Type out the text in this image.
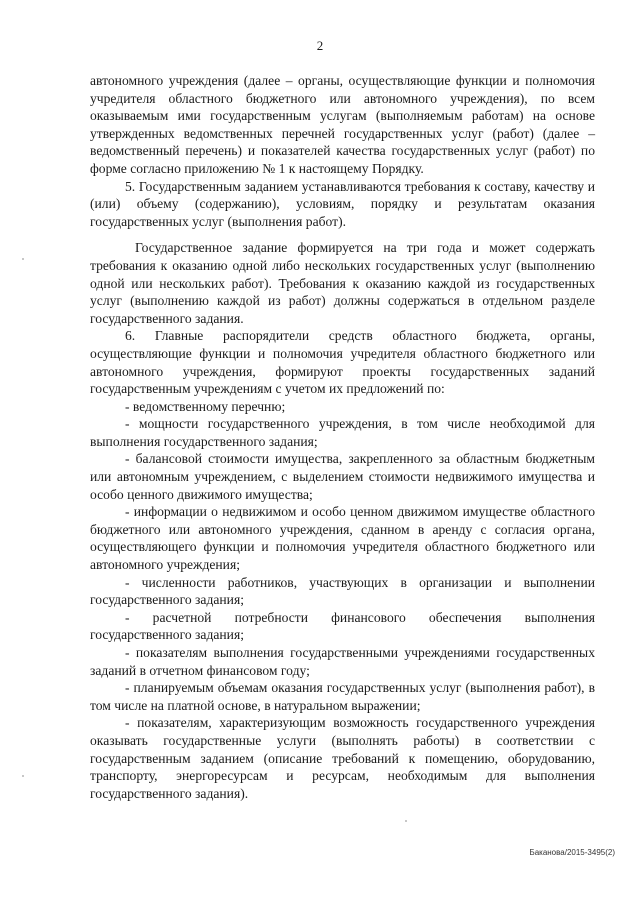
2

автономного учреждения (далее – органы, осуществляющие функции и полномочия учредителя областного бюджетного или автономного учреждения), по всем оказываемым ими государственным услугам (выполняемым работам) на основе утвержденных ведомственных перечней государственных услуг (работ) (далее – ведомственный перечень) и показателей качества государственных услуг (работ) по форме согласно приложению № 1 к настоящему Порядку.

5. Государственным заданием устанавливаются требования к составу, качеству и (или) объему (содержанию), условиям, порядку и результатам оказания государственных услуг (выполнения работ).

Государственное задание формируется на три года и может содержать требования к оказанию одной либо нескольких государственных услуг (выполнению одной или нескольких работ). Требования к оказанию каждой из государственных услуг (выполнению каждой из работ) должны содержаться в отдельном разделе государственного задания.

6. Главные распорядители средств областного бюджета, органы, осуществляющие функции и полномочия учредителя областного бюджетного или автономного учреждения, формируют проекты государственных заданий государственным учреждениям с учетом их предложений по:

- ведомственному перечню;

- мощности государственного учреждения, в том числе необходимой для выполнения государственного задания;

- балансовой стоимости имущества, закрепленного за областным бюджетным или автономным учреждением, с выделением стоимости недвижимого имущества и особо ценного движимого имущества;

- информации о недвижимом и особо ценном движимом имуществе областного бюджетного или автономного учреждения, сданном в аренду с согласия органа, осуществляющего функции и полномочия учредителя областного бюджетного или автономного учреждения;

- численности работников, участвующих в организации и выполнении государственного задания;

- расчетной потребности финансового обеспечения выполнения государственного задания;

- показателям выполнения государственными учреждениями государственных заданий в отчетном финансовом году;

- планируемым объемам оказания государственных услуг (выполнения работ), в том числе на платной основе, в натуральном выражении;

- показателям, характеризующим возможность государственного учреждения оказывать государственные услуги (выполнять работы) в соответствии с государственным заданием (описание требований к помещению, оборудованию, транспорту, энергоресурсам и ресурсам, необходимым для выполнения государственного задания).

Баканова/2015-3495(2)
